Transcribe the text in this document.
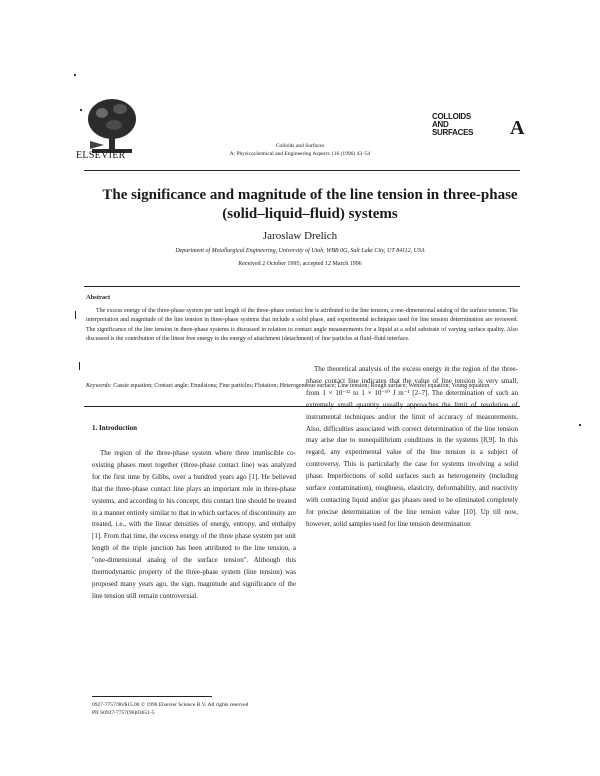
ELSEVIER
Colloids and Surfaces
A: Physicochemical and Engineering Aspects 116 (1996) 43–54
COLLOIDS
AND
SURFACES A
The significance and magnitude of the line tension in three-phase (solid–liquid–fluid) systems
Jaroslaw Drelich
Department of Metallurgical Engineering, University of Utah, WBB 0G, Salt Lake City, UT 84112, USA
Received 2 October 1995; accepted 12 March 1996
Abstract
The excess energy of the three-phase system per unit length of the three-phase contact line is attributed to the line tension, a one-dimensional analog of the surface tension. The interpretation and magnitude of the line tension in three-phase systems that include a solid phase, and experimental techniques used for line tension determination are reviewed. The significance of the line tension in three-phase systems is discussed in relation to contact angle measurements for a liquid at a solid substrate of varying surface quality. Also discussed is the contribution of the linear free energy to the energy of attachment (detachment) of fine particles at fluid–fluid interface.
Keywords: Cassie equation; Contact angle; Emulsions; Fine particles; Flotation; Heterogeneous surface; Line tension; Rough surface; Wenzel equation; Young equation
1. Introduction
The region of the three-phase system where three immiscible co-existing phases meet together (three-phase contact line) was analyzed for the first time by Gibbs, over a hundred years ago [1]. He believed that the three-phase contact line plays an important role in three-phase systems, and according to his concept, this contact line should be treated in a manner entirely similar to that in which surfaces of discontinuity are treated, i.e., with the linear densities of energy, entropy, and enthalpy [1]. From that time, the excess energy of the three phase system per unit length of the triple junction has been attributed to the line tension, a "one-dimensional analog of the surface tension". Although this thermodynamic property of the three-phase system (line tension) was proposed many years ago, the sign, magnitude and significance of the line tension still remain controversial.
The theoretical analysis of the excess energy in the region of the three-phase contact line indicates that the value of line tension is very small, from 1 × 10⁻¹² to 1 × 10⁻¹⁰ J m⁻¹ [2–7]. The determination of such an extremely small quantity usually approaches the limit of resolution of instrumental techniques and/or the limit of accuracy of measurements. Also, difficulties associated with correct determination of the line tension may arise due to nonequilibrium conditions in the systems [8,9]. In this regard, any experimental value of the line tension is a subject of controversy. This is particularly the case for systems involving a solid phase. Imperfections of solid surfaces such as heterogeneity (including surface contamination), roughness, elasticity, deformability, and reactivity with contacting liquid and/or gas phases need to be eliminated completely for precise determination of the line tension value [10]. Up till now, however, solid samples used for line tension determination
0927-7757/96/$15.00 © 1996 Elsevier Science B.V. All rights reserved
PII S0927-7757(96)03651-5
